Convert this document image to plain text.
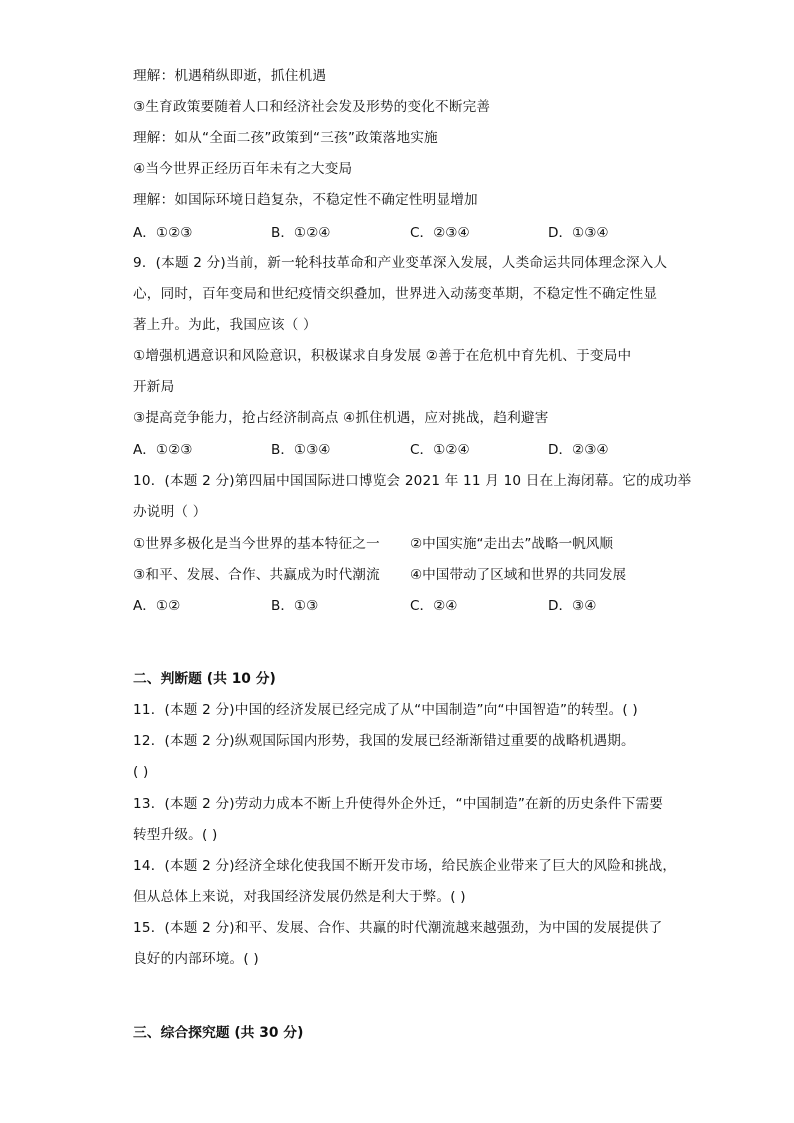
理解：机遇稍纵即逝，抓住机遇
③生育政策要随着人口和经济社会发及形势的变化不断完善
理解：如从“全面二孩”政策到“三孩”政策落地实施
④当今世界正经历百年未有之大变局
理解：如国际环境日趋复杂，不稳定性不确定性明显增加
A．①②③	B．①②④	C．②③④	D．①③④
9．(本题 2 分)当前，新一轮科技革命和产业变革深入发展，人类命运共同体理念深入人
心，同时，百年变局和世纪疫情交织叠加，世界进入动荡变革期，不稳定性不确定性显
著上升。为此，我国应该（ ）
①增强机遇意识和风险意识，积极谋求自身发展 ②善于在危机中育先机、于变局中
开新局
③提高竞争能力，抢占经济制高点 ④抓住机遇，应对挑战，趋利避害
A．①②③	B．①③④	C．①②④	D．②③④
10．(本题 2 分)第四届中国国际进口博览会 2021 年 11 月 10 日在上海闭幕。它的成功举
办说明（ ）
①世界多极化是当今世界的基本特征之一 ②中国实施“走出去”战略一帆风顺
③和平、发展、合作、共赢成为时代潮流 ④中国带动了区域和世界的共同发展
A．①②	B．①③	C．②④	D．③④
二、判断题 (共 10 分)
11．(本题 2 分)中国的经济发展已经完成了从“中国制造”向“中国智造”的转型。( )
12．(本题 2 分)纵观国际国内形势，我国的发展已经渐渐错过重要的战略机遇期。
( )
13．(本题 2 分)劳动力成本不断上升使得外企外迁，“中国制造”在新的历史条件下需要
转型升级。( )
14．(本题 2 分)经济全球化使我国不断开发市场，给民族企业带来了巨大的风险和挑战，
但从总体上来说，对我国经济发展仍然是利大于弊。( )
15．(本题 2 分)和平、发展、合作、共赢的时代潮流越来越强劲，为中国的发展提供了
良好的内部环境。( )
三、综合探究题 (共 30 分)
